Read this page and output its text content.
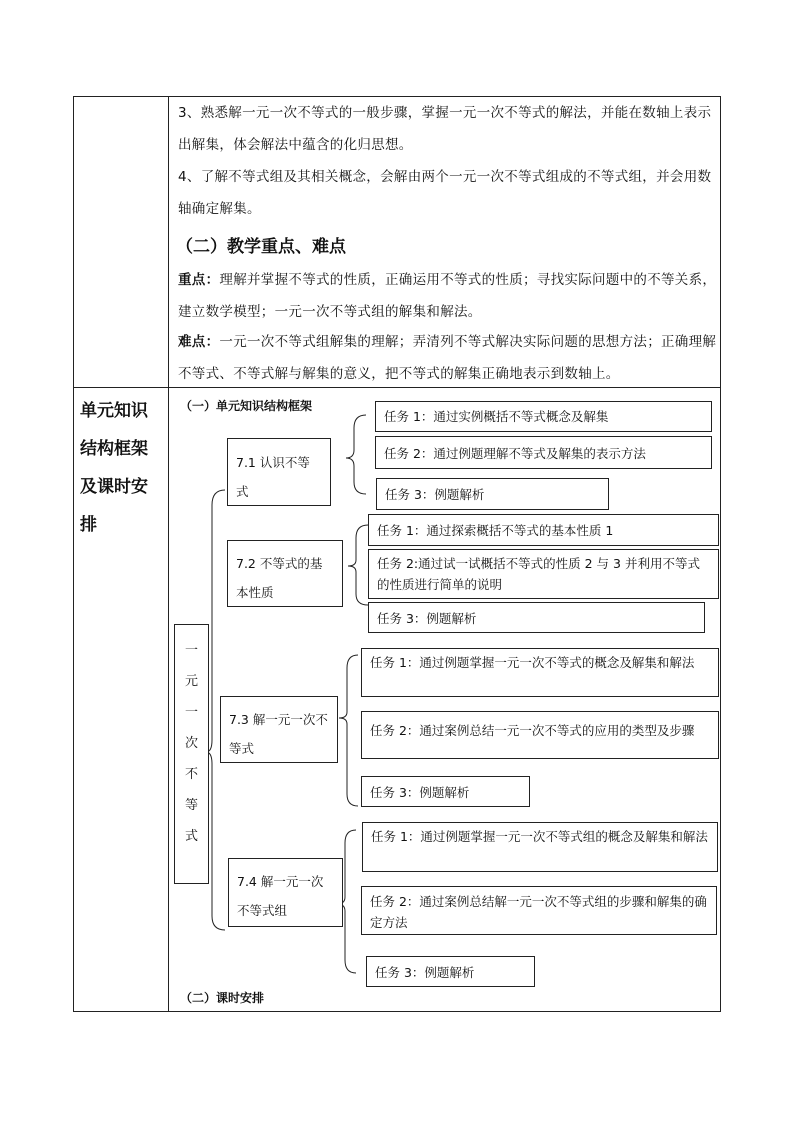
3、熟悉解一元一次不等式的一般步骤，掌握一元一次不等式的解法，并能在数轴上表示出解集，体会解法中蕴含的化归思想。
4、了解不等式组及其相关概念，会解由两个一元一次不等式组成的不等式组，并会用数轴确定解集。
（二）教学重点、难点
重点：理解并掌握不等式的性质，正确运用不等式的性质；寻找实际问题中的不等关系，建立数学模型；一元一次不等式组的解集和解法。
难点：一元一次不等式组解集的理解；弄清列不等式解决实际问题的思想方法；正确理解不等式、不等式解与解集的意义，把不等式的解集正确地表示到数轴上。
单元知识结构框架及课时安排
（一）单元知识结构框架
（二）课时安排
一
元
一
次
不
等
式
7.1 认识不等式
7.2 不等式的基本性质
7.3 解一元一次不等式
7.4 解一元一次不等式组
任务 1：通过实例概括不等式概念及解集
任务 2：通过例题理解不等式及解集的表示方法
任务 3：例题解析
任务 1：通过探索概括不等式的基本性质 1
任务 2:通过试一试概括不等式的性质 2 与 3 并利用不等式的性质进行简单的说明
任务 3：例题解析
任务 1：通过例题掌握一元一次不等式的概念及解集和解法
任务 2：通过案例总结一元一次不等式的应用的类型及步骤
任务 3：例题解析
任务 1：通过例题掌握一元一次不等式组的概念及解集和解法
任务 2：通过案例总结解一元一次不等式组的步骤和解集的确定方法
任务 3：例题解析
